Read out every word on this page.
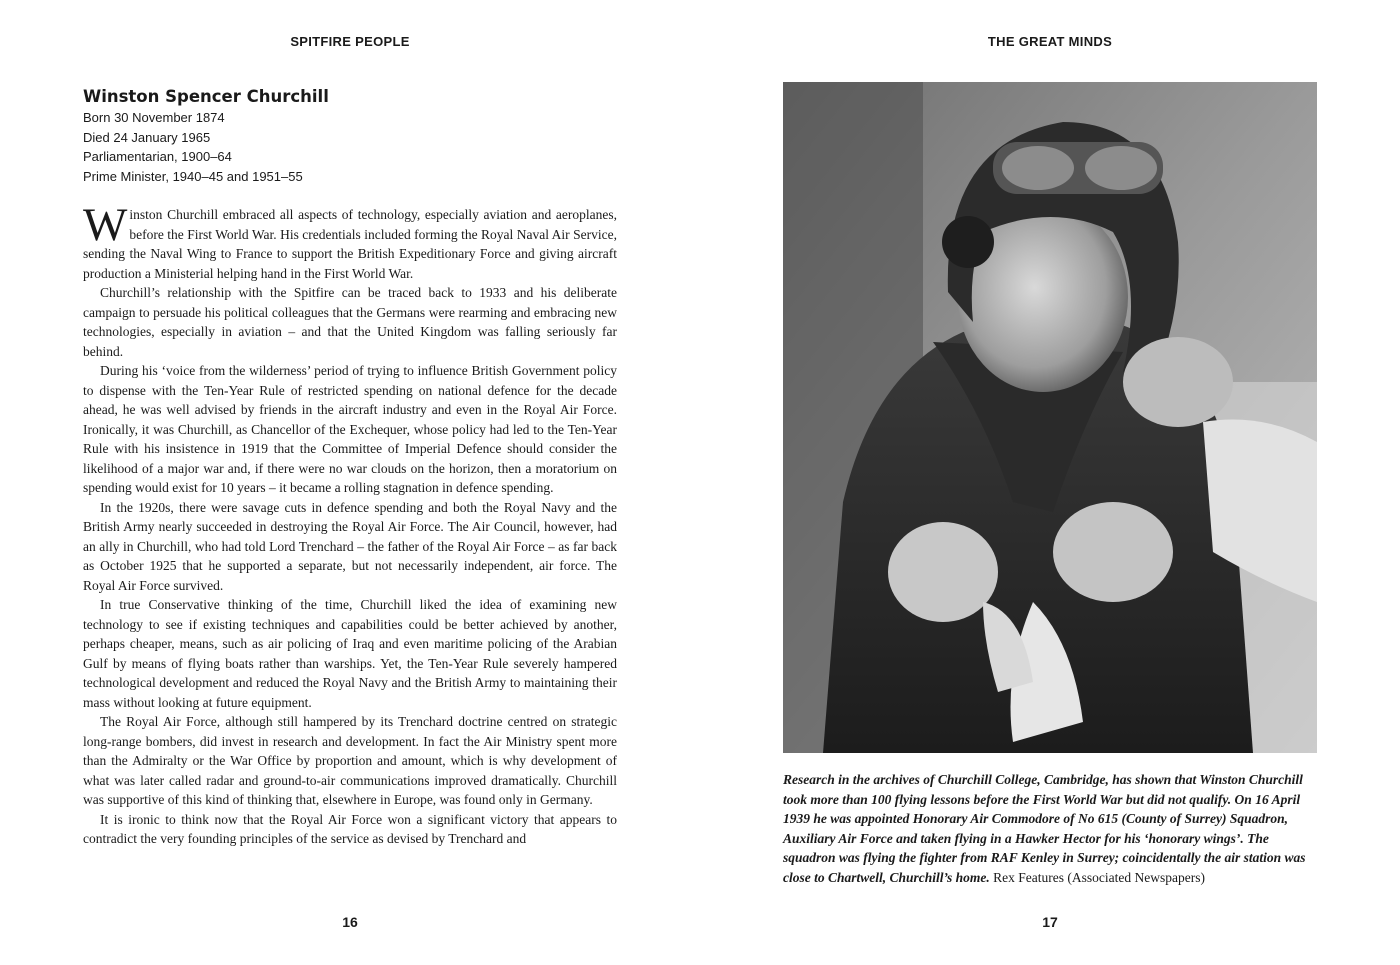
SPITFIRE PEOPLE
Winston Spencer Churchill
Born 30 November 1874
Died 24 January 1965
Parliamentarian, 1900–64
Prime Minister, 1940–45 and 1951–55

Winston Churchill embraced all aspects of technology, especially aviation and aeroplanes, before the First World War. His credentials included forming the Royal Naval Air Service, sending the Naval Wing to France to support the British Expeditionary Force and giving aircraft production a Ministerial helping hand in the First World War.

Churchill’s relationship with the Spitfire can be traced back to 1933 and his deliberate campaign to persuade his political colleagues that the Germans were rearming and embracing new technologies, especially in aviation – and that the United Kingdom was falling seriously far behind.

During his ‘voice from the wilderness’ period of trying to influence British Government policy to dispense with the Ten-Year Rule of restricted spending on national defence for the decade ahead, he was well advised by friends in the aircraft industry and even in the Royal Air Force. Ironically, it was Churchill, as Chancellor of the Exchequer, whose policy had led to the Ten-Year Rule with his insistence in 1919 that the Committee of Imperial Defence should consider the likelihood of a major war and, if there were no war clouds on the horizon, then a moratorium on spending would exist for 10 years – it became a rolling stagnation in defence spending.

In the 1920s, there were savage cuts in defence spending and both the Royal Navy and the British Army nearly succeeded in destroying the Royal Air Force. The Air Council, however, had an ally in Churchill, who had told Lord Trenchard – the father of the Royal Air Force – as far back as October 1925 that he supported a separate, but not necessarily independent, air force. The Royal Air Force survived.

In true Conservative thinking of the time, Churchill liked the idea of examining new technology to see if existing techniques and capabilities could be better achieved by another, perhaps cheaper, means, such as air policing of Iraq and even maritime policing of the Arabian Gulf by means of flying boats rather than warships. Yet, the Ten-Year Rule severely hampered technological development and reduced the Royal Navy and the British Army to maintaining their mass without looking at future equipment.

The Royal Air Force, although still hampered by its Trenchard doctrine centred on strategic long-range bombers, did invest in research and development. In fact the Air Ministry spent more than the Admiralty or the War Office by proportion and amount, which is why development of what was later called radar and ground-to-air communications improved dramatically. Churchill was supportive of this kind of thinking that, elsewhere in Europe, was found only in Germany.

It is ironic to think now that the Royal Air Force won a significant victory that appears to contradict the very founding principles of the service as devised by Trenchard and

16
THE GREAT MINDS
Research in the archives of Churchill College, Cambridge, has shown that Winston Churchill took more than 100 flying lessons before the First World War but did not qualify. On 16 April 1939 he was appointed Honorary Air Commodore of No 615 (County of Surrey) Squadron, Auxiliary Air Force and taken flying in a Hawker Hector for his ‘honorary wings’. The squadron was flying the fighter from RAF Kenley in Surrey; coincidentally the air station was close to Chartwell, Churchill’s home. Rex Features (Associated Newspapers)
17
